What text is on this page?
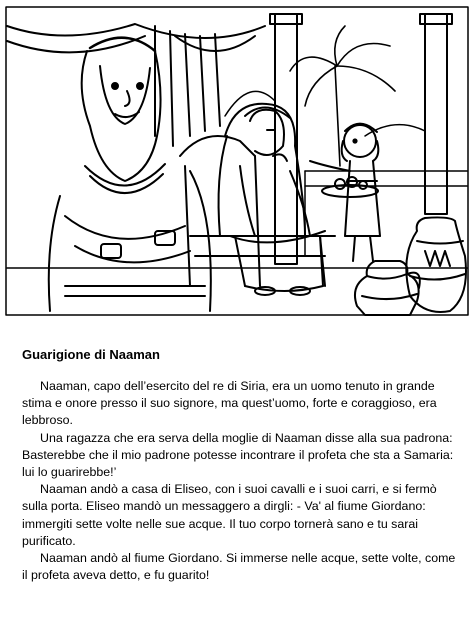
Guarigione di Naaman

Naaman, capo dell’esercito del re di Siria, era un uomo tenuto in grande stima e onore presso il suo signore, ma quest’uomo, forte e coraggioso, era lebbroso.

Una ragazza che era serva della moglie di Naaman disse alla sua padrona: Basterebbe che il mio padrone potesse incontrare il profeta che sta a Samaria: lui lo guarirebbe!’

Naaman andò a casa di Eliseo, con i suoi cavalli e i suoi carri, e si fermò sulla porta. Eliseo mandò un messaggero a dirgli: - Va' al fiume Giordano: immergiti sette volte nelle sue acque. Il tuo corpo tornerà sano e tu sarai purificato.

Naaman andò al fiume Giordano. Si immerse nelle acque, sette volte, come il profeta aveva detto, e fu guarito!
